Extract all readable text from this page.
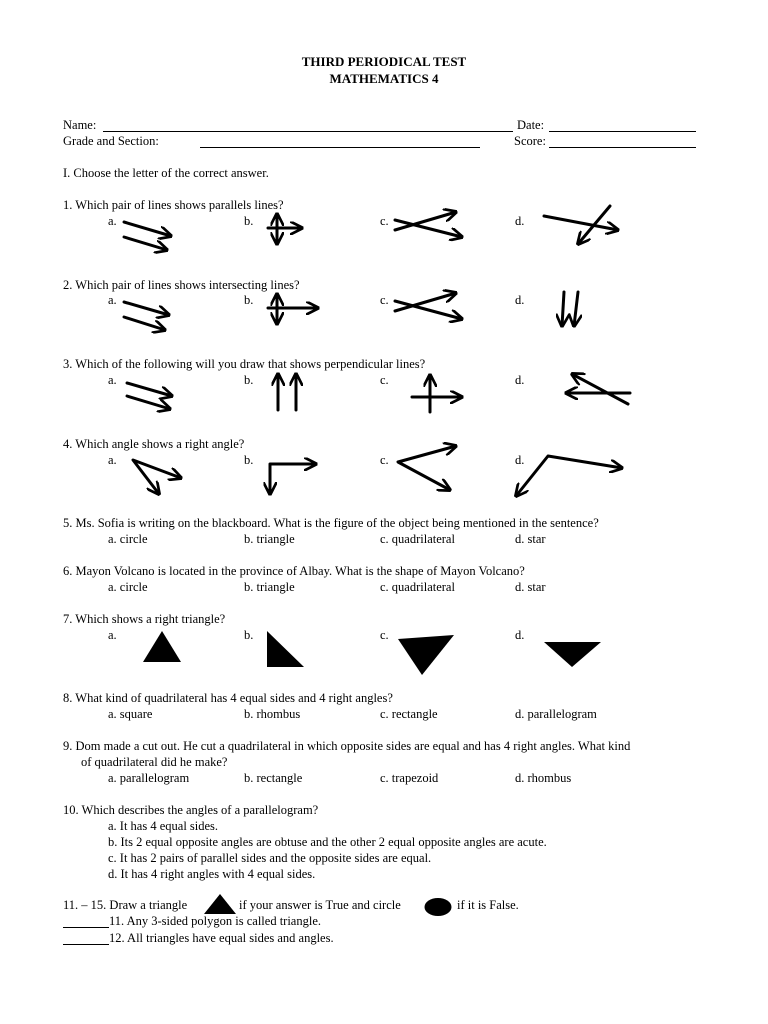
THIRD PERIODICAL TEST
MATHEMATICS 4
Name:	Date:
Grade and Section:	Score:
I. Choose the letter of the correct answer.
1. Which pair of lines shows parallels lines?
a.	b.	c.	d.
2. Which pair of lines shows intersecting lines?
a.	b.	c.	d.
3. Which of the following will you draw that shows perpendicular lines?
a.	b.	c.	d.
4. Which angle shows a right angle?
a.	b.	c.	d.
5. Ms. Sofia is writing on the blackboard. What is the figure of the object being mentioned in the sentence?
a. circle	b. triangle	c. quadrilateral	d. star
6. Mayon Volcano is located in the province of Albay. What is the shape of Mayon Volcano?
a. circle	b. triangle	c. quadrilateral	d. star
7. Which shows a right triangle?
a.	b.	c.	d.
8. What kind of quadrilateral has 4 equal sides and 4 right angles?
a. square	b. rhombus	c. rectangle	d. parallelogram
9. Dom made a cut out. He cut a quadrilateral in which opposite sides are equal and has 4 right angles. What kind
of quadrilateral did he make?
a. parallelogram	b. rectangle	c. trapezoid	d. rhombus
10. Which describes the angles of a parallelogram?
a. It has 4 equal sides.
b. Its 2 equal opposite angles are obtuse and the other 2 equal opposite angles are acute.
c. It has 2 pairs of parallel sides and the opposite sides are equal.
d. It has 4 right angles with 4 equal sides.
11. – 15. Draw a triangle	if your answer is True and circle	if it is False.
11. Any 3-sided polygon is called triangle.
12. All triangles have equal sides and angles.
